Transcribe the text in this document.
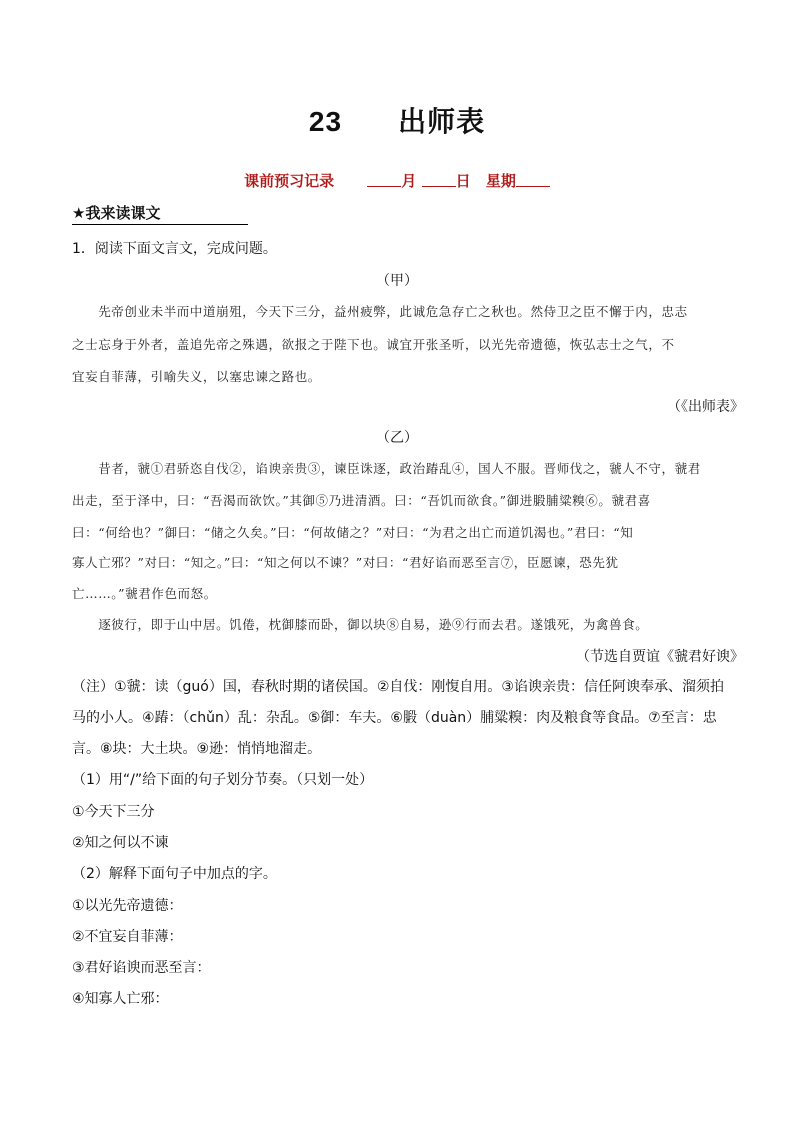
23 出师表
课前预习记录	月	日 星期
★我来读课文
1．阅读下面文言文，完成问题。
（甲）
　　先帝创业未半而中道崩殂，今天下三分，益州疲弊，此诚危急存亡之秋也。然侍卫之臣不懈于内，忠志
之士忘身于外者，盖追先帝之殊遇，欲报之于陛下也。诚宜开张圣听，以光先帝遗德，恢弘志士之气，不
宜妄自菲薄，引喻失义，以塞忠谏之路也。
（《出师表》
（乙）
　　昔者，虢①君骄恣自伐②，谄谀亲贵③，谏臣诛逐，政治踳乱④，国人不服。晋师伐之，虢人不守，虢君
出走，至于泽中，曰：“吾渴而欲饮。”其御⑤乃进清酒。曰：“吾饥而欲食。”御进腶脯粱糗⑥。虢君喜
曰：“何给也？”御曰：“储之久矣。”曰：“何故储之？”对曰：“为君之出亡而道饥渴也。”君曰：“知
寡人亡邪？”对曰：“知之。”曰：“知之何以不谏？”对曰：“君好谄而恶至言⑦，臣愿谏，恐先犹
亡……。”虢君作色而怒。
　　逐彼行，即于山中居。饥倦，枕御膝而卧，御以块⑧自易，逊⑨行而去君。遂饿死，为禽兽食。
（节选自贾谊《虢君好谀》
（注）①虢：读（guó）国，春秋时期的诸侯国。②自伐：刚愎自用。③谄谀亲贵：信任阿谀奉承、溜须拍马的小人。④踳：（chǔn）乱：杂乱。⑤御：车夫。⑥腶（duàn）脯粱糗：肉及粮食等食品。⑦至言：忠言。⑧块：大土块。⑨逊：悄悄地溜走。
（1）用“/”给下面的句子划分节奏。（只划一处）
①今天下三分
②知之何以不谏
（2）解释下面句子中加点的字。
①以光先帝遗德：
②不宜妄自菲薄：
③君好谄谀而恶至言：
④知寡人亡邪：
